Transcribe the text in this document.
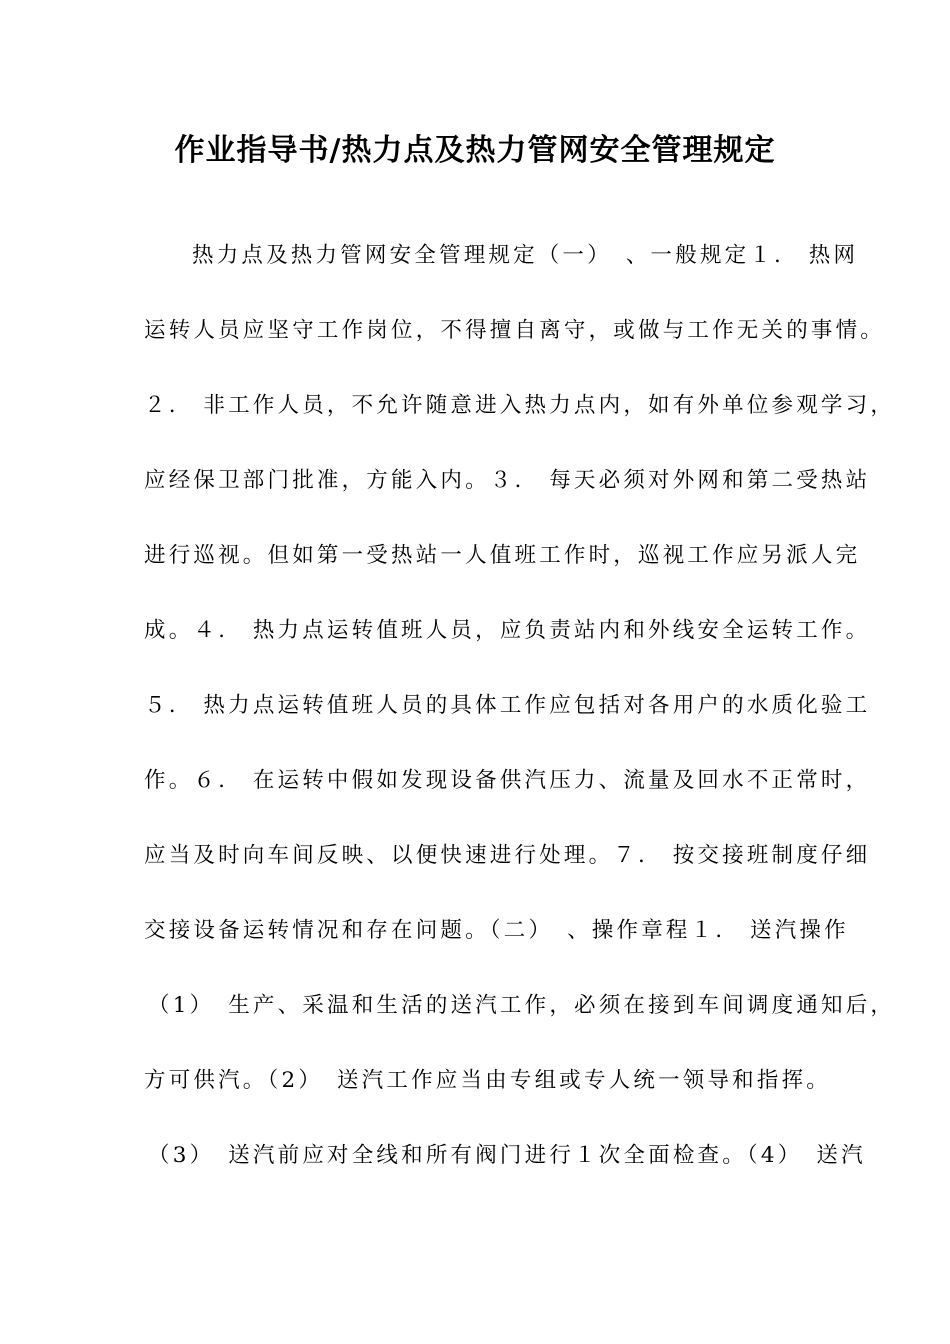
作业指导书/热力点及热力管网安全管理规定
热力点及热力管网安全管理规定（一）　、一般规定１.　热网
运转人员应坚守工作岗位，不得擅自离守，或做与工作无关的事情。
２.　非工作人员，不允许随意进入热力点内，如有外单位参观学习，
应经保卫部门批准，方能入内。３.　每天必须对外网和第二受热站
进行巡视。但如第一受热站一人值班工作时，巡视工作应另派人完
成。４.　热力点运转值班人员，应负责站内和外线安全运转工作。
５.　热力点运转值班人员的具体工作应包括对各用户的水质化验工
作。６.　在运转中假如发现设备供汽压力、流量及回水不正常时，
应当及时向车间反映、以便快速进行处理。７.　按交接班制度仔细
交接设备运转情况和存在问题。（二）　、操作章程１.　送汽操作
（1）　生产、采温和生活的送汽工作，必须在接到车间调度通知后，
方可供汽。（2）　送汽工作应当由专组或专人统一领导和指挥。
（3）　送汽前应对全线和所有阀门进行１次全面检查。（4）　送汽
